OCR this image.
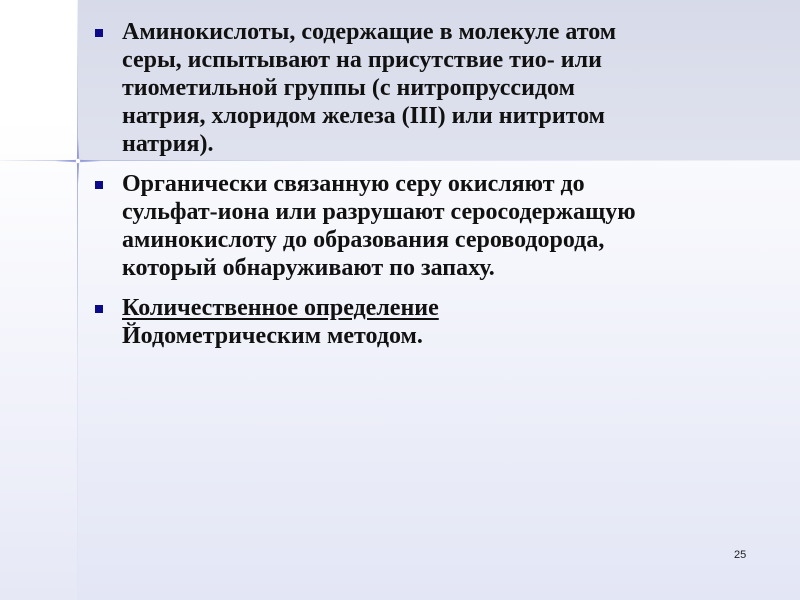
Аминокислоты, содержащие в молекуле атом
серы, испытывают на присутствие тио- или
тиометильной группы (с нитропруссидом
натрия, хлоридом железа (III) или нитритом
натрия).
Органически связанную серу окисляют до
сульфат-иона или разрушают серосодержащую
аминокислоту до образования сероводорода,
который обнаруживают по запаху.
Количественное определение
Йодометрическим методом.
25
